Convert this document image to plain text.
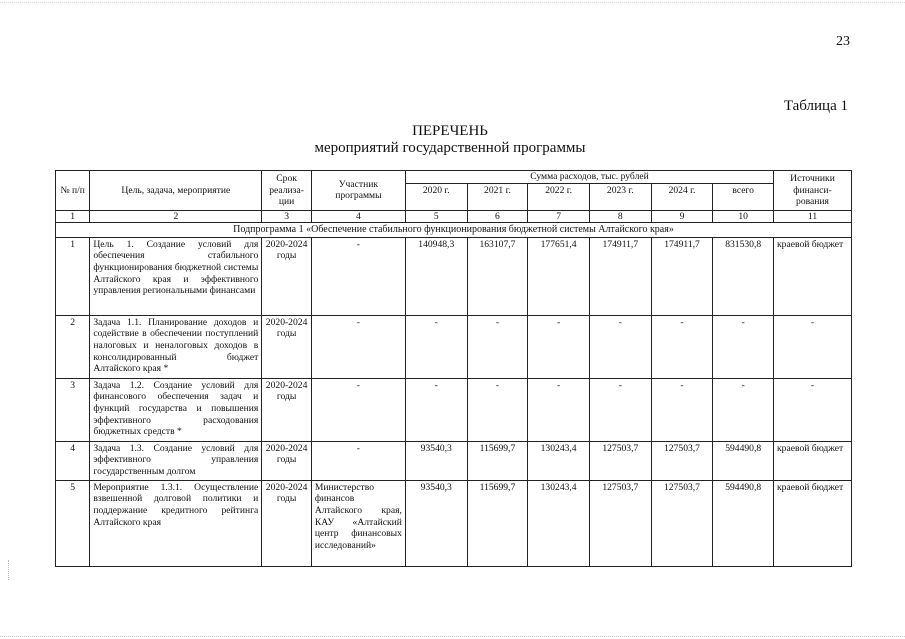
23
Таблица 1
ПЕРЕЧЕНЬ
мероприятий государственной программы
№ п/п	Цель, задача, мероприятие	Срок реализа-ции	Участник программы	Сумма расходов, тыс. рублей						Источники финанси-рования
				2020 г.	2021 г.	2022 г.	2023 г.	2024 г.	всего	
1	2	3	4	5	6	7	8	9	10	11
Подпрограмма 1 «Обеспечение стабильного функционирования бюджетной системы Алтайского края»										
1	Цель 1. Создание условий для обеспечения стабильного функционирования бюджетной системы Алтайского края и эффективного управления региональными финансами	2020-2024 годы	-	140948,3	163107,7	177651,4	174911,7	174911,7	831530,8	краевой бюджет
2	Задача 1.1. Планирование доходов и содействие в обеспечении поступлений налоговых и неналоговых доходов в консолидированный бюджет Алтайского края *	2020-2024 годы	-	-	-	-	-	-	-	-
3	Задача 1.2. Создание условий для финансового обеспечения задач и функций государства и повышения эффективного расходования бюджетных средств *	2020-2024 годы	-	-	-	-	-	-	-	-
4	Задача 1.3. Создание условий для эффективного управления государственным долгом	2020-2024 годы	-	93540,3	115699,7	130243,4	127503,7	127503,7	594490,8	краевой бюджет
5	Мероприятие 1.3.1. Осуществление взвешенной долговой политики и поддержание кредитного рейтинга Алтайского края	2020-2024 годы	Министерство финансов Алтайского края, КАУ «Алтайский центр финансовых исследований»	93540,3	115699,7	130243,4	127503,7	127503,7	594490,8	краевой бюджет
